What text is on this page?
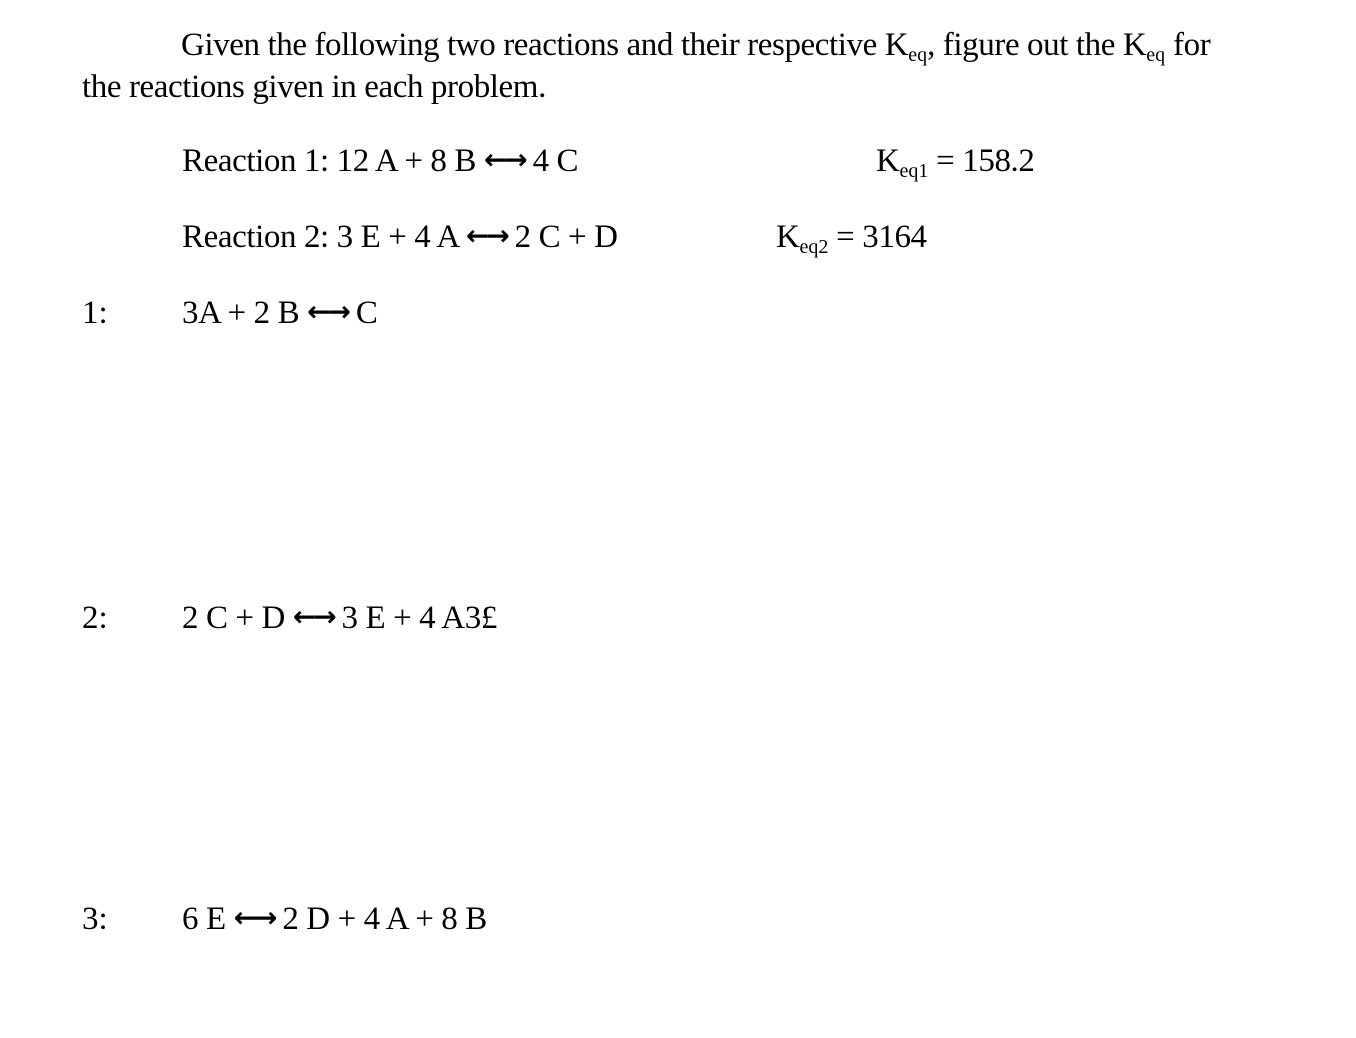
Given the following two reactions and their respective Keq, figure out the Keq for
the reactions given in each problem.
Reaction 1: 12 A + 8 B ←→ 4 C	Keq1 = 158.2
Reaction 2: 3 E + 4 A ←→ 2 C + D	Keq2 = 3164
1: 3A + 2 B ←→ C
2: 2 C + D ←→ 3 E + 4 A3£
3: 6 E ←→ 2 D + 4 A + 8 B
